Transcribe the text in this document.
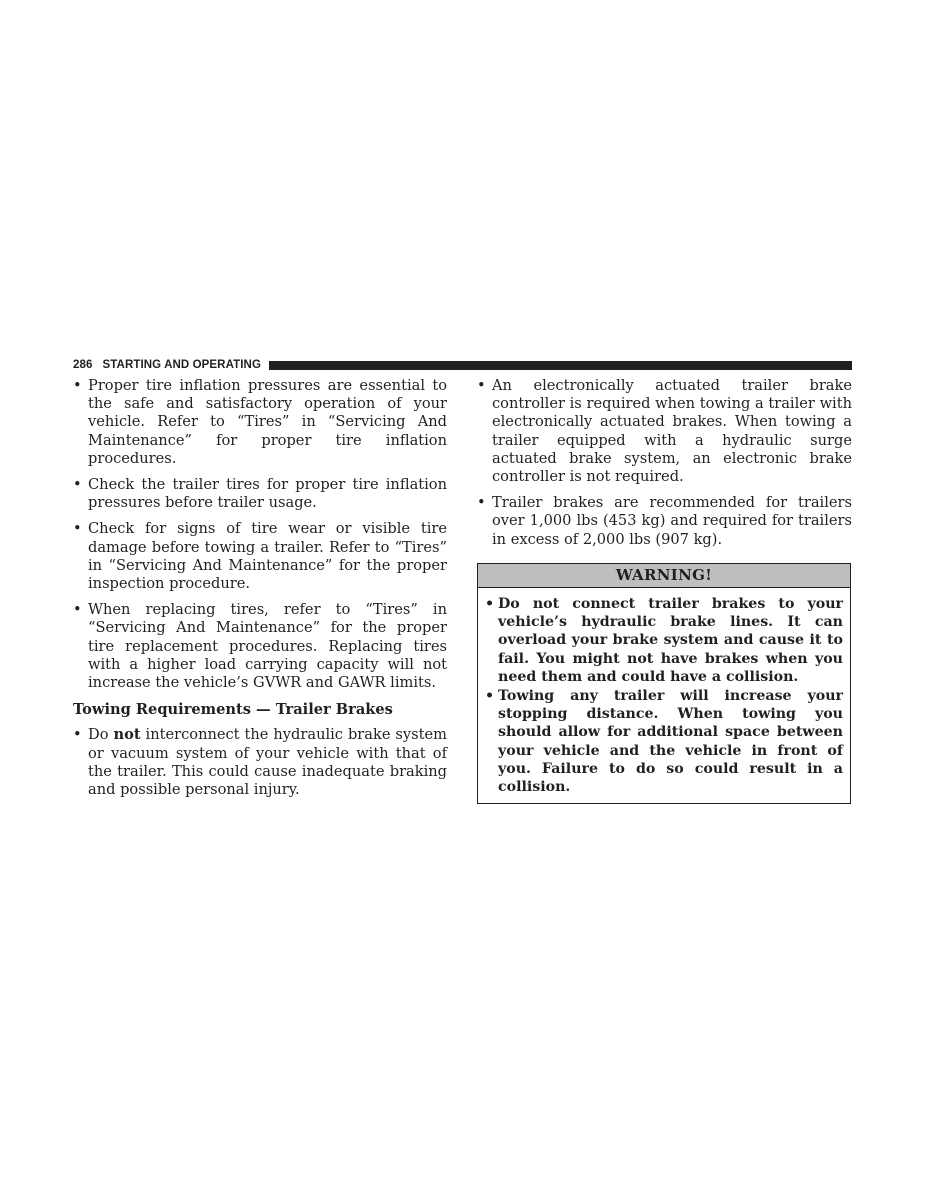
286 STARTING AND OPERATING
• Proper tire inflation pressures are essential to the safe and satisfactory operation of your vehicle. Refer to “Tires” in “Servicing And Maintenance” for proper tire inflation procedures.
• Check the trailer tires for proper tire inflation pressures before trailer usage.
• Check for signs of tire wear or visible tire damage before towing a trailer. Refer to “Tires” in “Servicing And Maintenance” for the proper inspection procedure.
• When replacing tires, refer to “Tires” in “Servicing And Maintenance” for the proper tire replacement procedures. Replacing tires with a higher load carrying capacity will not increase the vehicle’s GVWR and GAWR limits.
Towing Requirements — Trailer Brakes
• Do not interconnect the hydraulic brake system or vacuum system of your vehicle with that of the trailer. This could cause inadequate braking and possible personal injury.
• An electronically actuated trailer brake controller is required when towing a trailer with electronically actuated brakes. When towing a trailer equipped with a hydraulic surge actuated brake system, an electronic brake controller is not required.
• Trailer brakes are recommended for trailers over 1,000 lbs (453 kg) and required for trailers in excess of 2,000 lbs (907 kg).
WARNING!
• Do not connect trailer brakes to your vehicle’s hydraulic brake lines. It can overload your brake system and cause it to fail. You might not have brakes when you need them and could have a collision.
• Towing any trailer will increase your stopping distance. When towing you should allow for additional space between your vehicle and the vehicle in front of you. Failure to do so could result in a collision.
